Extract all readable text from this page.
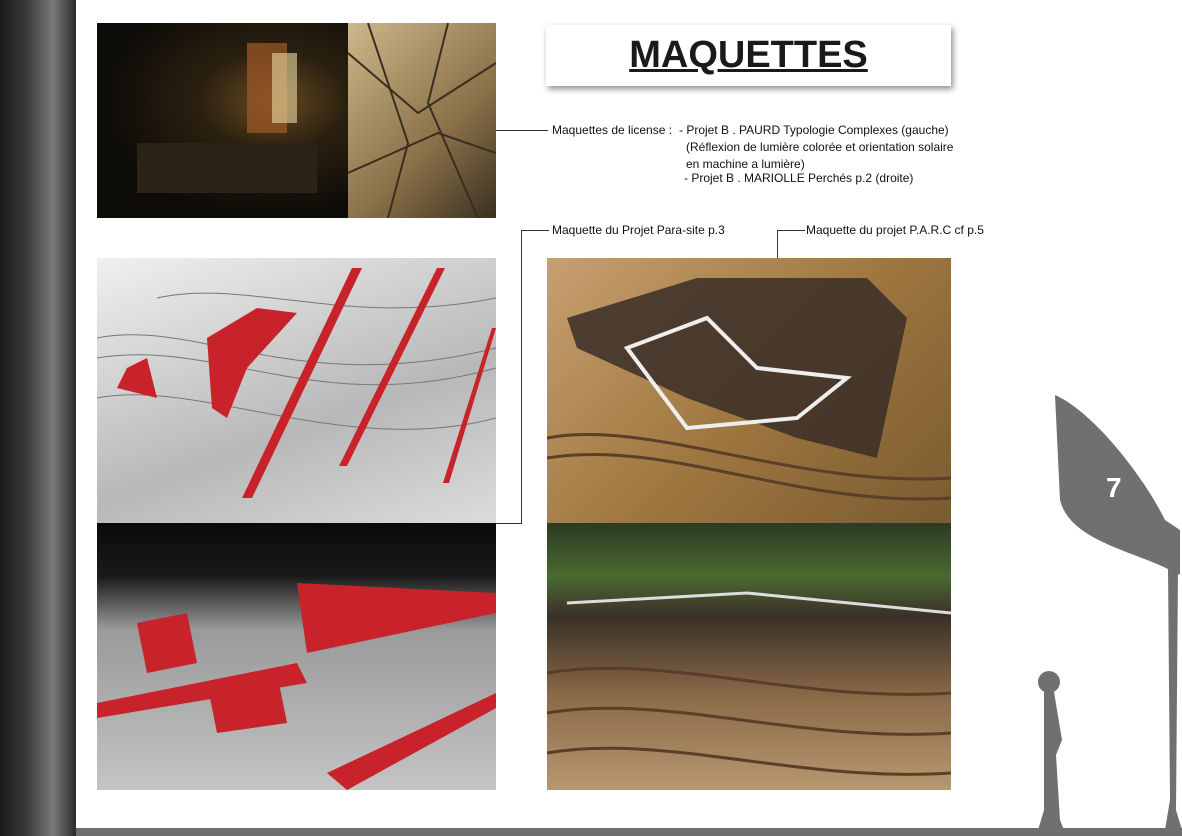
MAQUETTES
Maquettes de license : - Projet B . PAURD Typologie Complexes (gauche)
(Réflexion de lumière colorée et orientation solaire
en machine a lumière)
- Projet B . MARIOLLE Perchés p.2 (droite)
Maquette du Projet Para-site p.3	Maquette du projet P.A.R.C cf p.5
7
